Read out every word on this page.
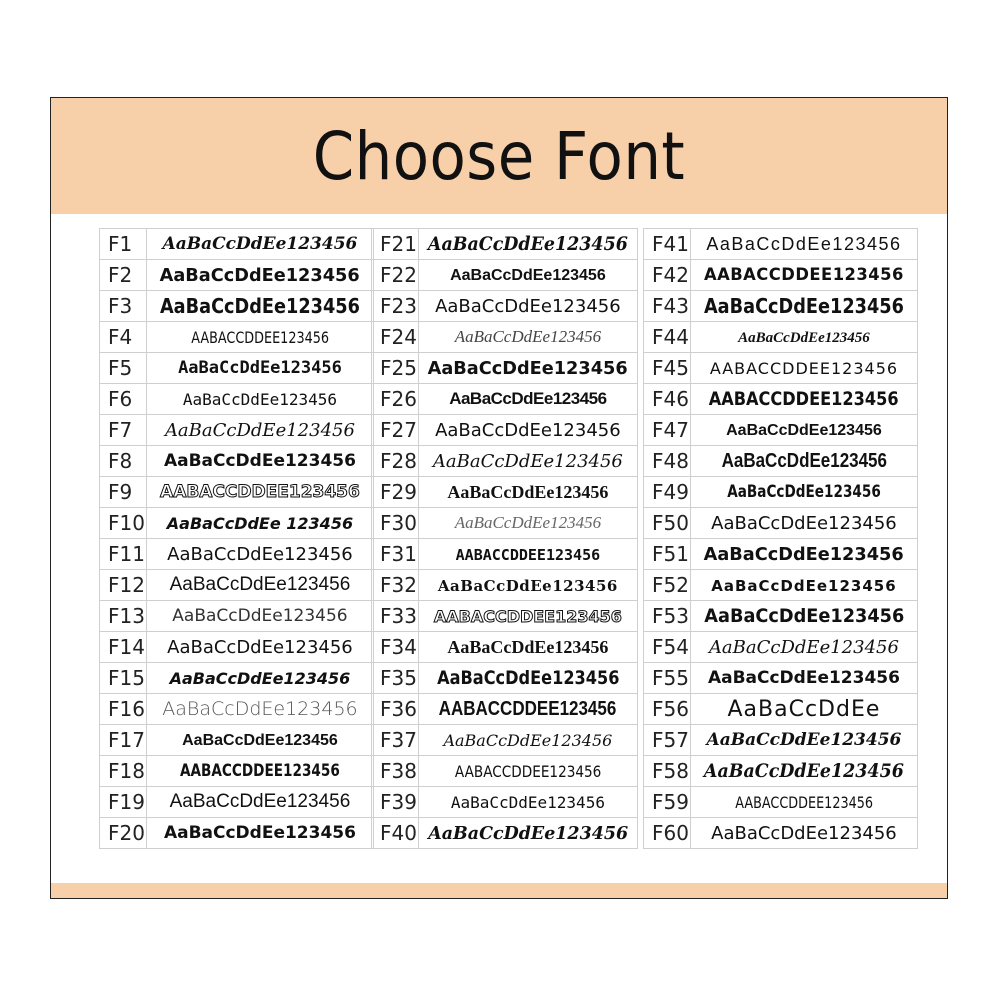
Choose Font
F1	AaBaCcDdEe123456
F2	AaBaCcDdEe123456
F3	AaBaCcDdEe123456
F4	AABACCDDEE123456
F5	AaBaCcDdEe123456
F6	AaBaCcDdEe123456
F7	AaBaCcDdEe123456
F8	AaBaCcDdEe123456
F9	AABACCDDEE123456
F10	AaBaCcDdEe 123456
F11	AaBaCcDdEe123456
F12	AaBaCcDdEe123456
F13	AaBaCcDdEe123456
F14	AaBaCcDdEe123456
F15	AaBaCcDdEe123456
F16	AaBaCcDdEe123456
F17	AaBaCcDdEe123456
F18	AABACCDDEE123456
F19	AaBaCcDdEe123456
F20	AaBaCcDdEe123456
F21	AaBaCcDdEe123456
F22	AaBaCcDdEe123456
F23	AaBaCcDdEe123456
F24	AaBaCcDdEe123456
F25	AaBaCcDdEe123456
F26	AaBaCcDdEe123456
F27	AaBaCcDdEe123456
F28	AaBaCcDdEe123456
F29	AaBaCcDdEe123456
F30	AaBaCcDdEe123456
F31	AABACCDDEE123456
F32	AaBaCcDdEe123456
F33	AABACCDDEE123456
F34	AaBaCcDdEe123456
F35	AaBaCcDdEe123456
F36	AABACCDDEE123456
F37	AaBaCcDdEe123456
F38	AABACCDDEE123456
F39	AaBaCcDdEe123456
F40	AaBaCcDdEe123456
F41	AaBaCcDdEe123456
F42	AABACCDDEE123456
F43	AaBaCcDdEe123456
F44	AaBaCcDdEe123456
F45	AABACCDDEE123456
F46	AABACCDDEE123456
F47	AaBaCcDdEe123456
F48	AaBaCcDdEe123456
F49	AaBaCcDdEe123456
F50	AaBaCcDdEe123456
F51	AaBaCcDdEe123456
F52	AaBaCcDdEe123456
F53	AaBaCcDdEe123456
F54	AaBaCcDdEe123456
F55	AaBaCcDdEe123456
F56	AaBaCcDdEe
F57	AaBaCcDdEe123456
F58	AaBaCcDdEe123456
F59	AABACCDDEE123456
F60	AaBaCcDdEe123456
